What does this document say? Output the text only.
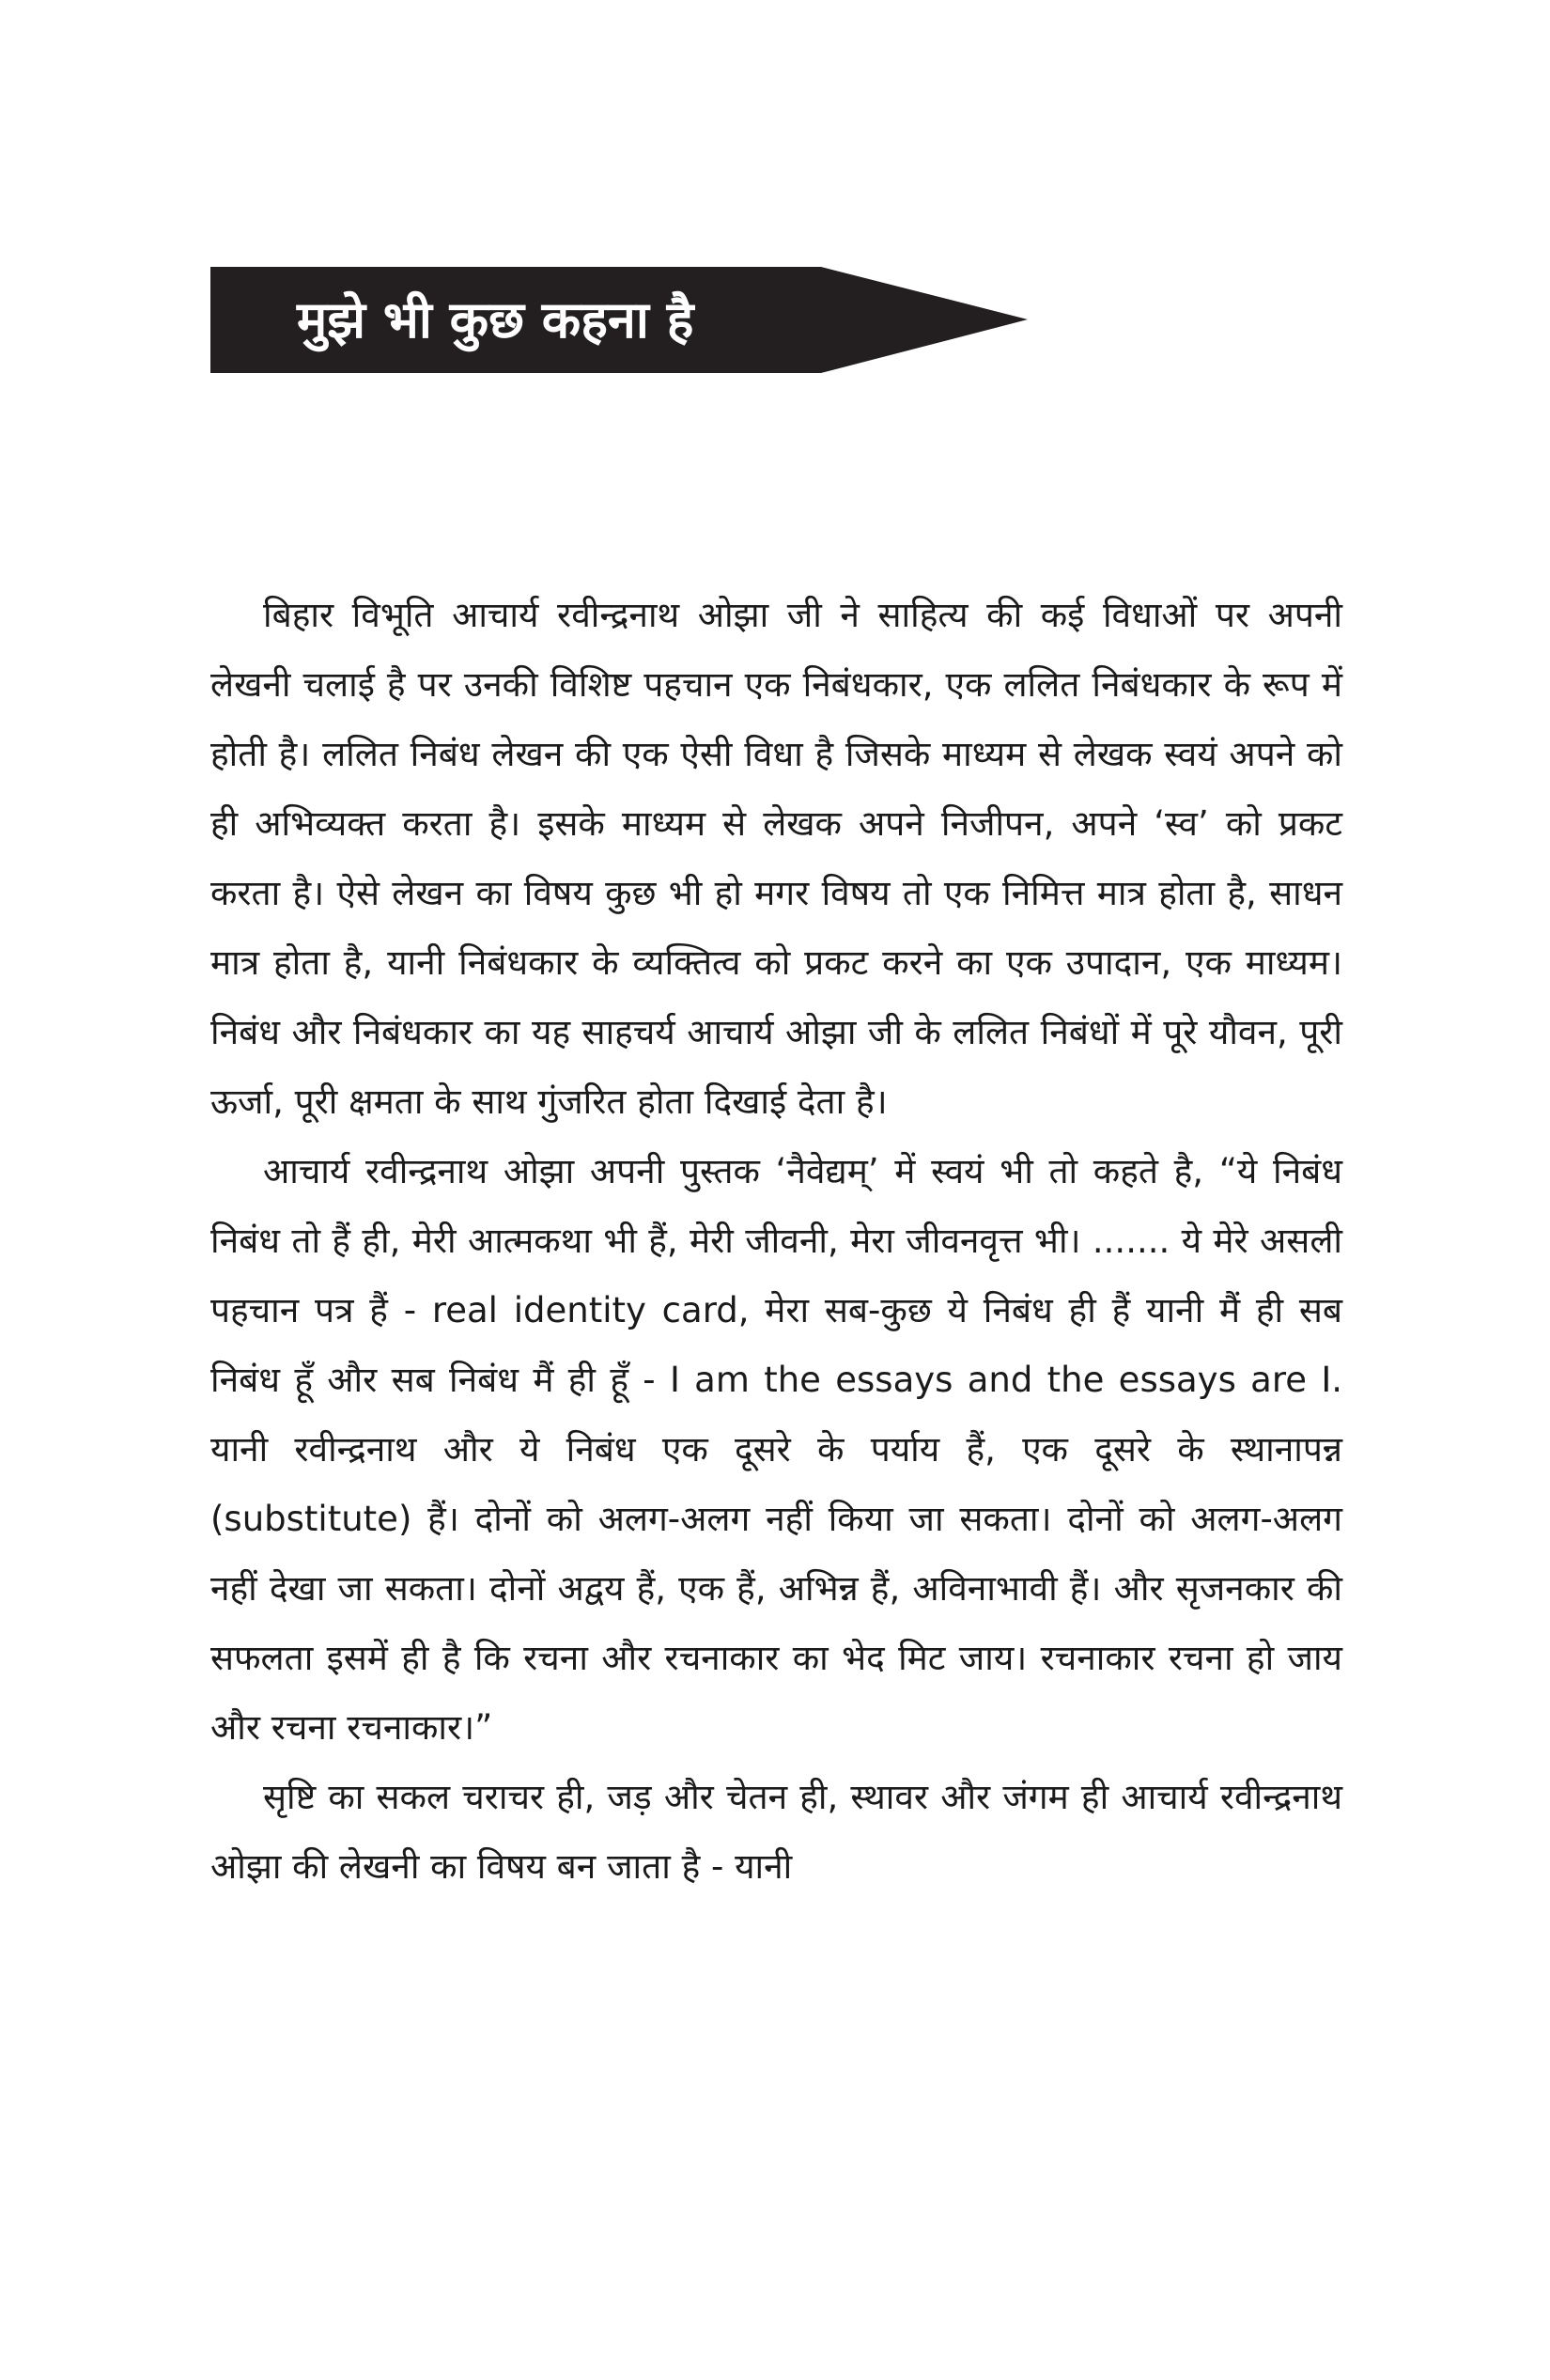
मुझे भी कुछ कहना है

बिहार विभूति आचार्य रवीन्द्रनाथ ओझा जी ने साहित्य की कई विधाओं पर अपनी लेखनी चलाई है पर उनकी विशिष्ट पहचान एक निबंधकार, एक ललित निबंधकार के रूप में होती है। ललित निबंध लेखन की एक ऐसी विधा है जिसके माध्यम से लेखक स्वयं अपने को ही अभिव्यक्त करता है। इसके माध्यम से लेखक अपने निजीपन, अपने ‘स्व’ को प्रकट करता है। ऐसे लेखन का विषय कुछ भी हो मगर विषय तो एक निमित्त मात्र होता है, साधन मात्र होता है, यानी निबंधकार के व्यक्तित्व को प्रकट करने का एक उपादान, एक माध्यम। निबंध और निबंधकार का यह साहचर्य आचार्य ओझा जी के ललित निबंधों में पूरे यौवन, पूरी ऊर्जा, पूरी क्षमता के साथ गुंजरित होता दिखाई देता है।

आचार्य रवीन्द्रनाथ ओझा अपनी पुस्तक ‘नैवेद्यम्’ में स्वयं भी तो कहते है, “ये निबंध निबंध तो हैं ही, मेरी आत्मकथा भी हैं, मेरी जीवनी, मेरा जीवनवृत्त भी। ....... ये मेरे असली पहचान पत्र हैं - real identity card, मेरा सब-कुछ ये निबंध ही हैं यानी मैं ही सब निबंध हूँ और सब निबंध मैं ही हूँ - I am the essays and the essays are I. यानी रवीन्द्रनाथ और ये निबंध एक दूसरे के पर्याय हैं, एक दूसरे के स्थानापन्न (substitute) हैं। दोनों को अलग-अलग नहीं किया जा सकता। दोनों को अलग-अलग नहीं देखा जा सकता। दोनों अद्वय हैं, एक हैं, अभिन्न हैं, अविनाभावी हैं। और सृजनकार की सफलता इसमें ही है कि रचना और रचनाकार का भेद मिट जाय। रचनाकार रचना हो जाय और रचना रचनाकार।”

सृष्टि का सकल चराचर ही, जड़ और चेतन ही, स्थावर और जंगम ही आचार्य रवीन्द्रनाथ ओझा की लेखनी का विषय बन जाता है - यानी
